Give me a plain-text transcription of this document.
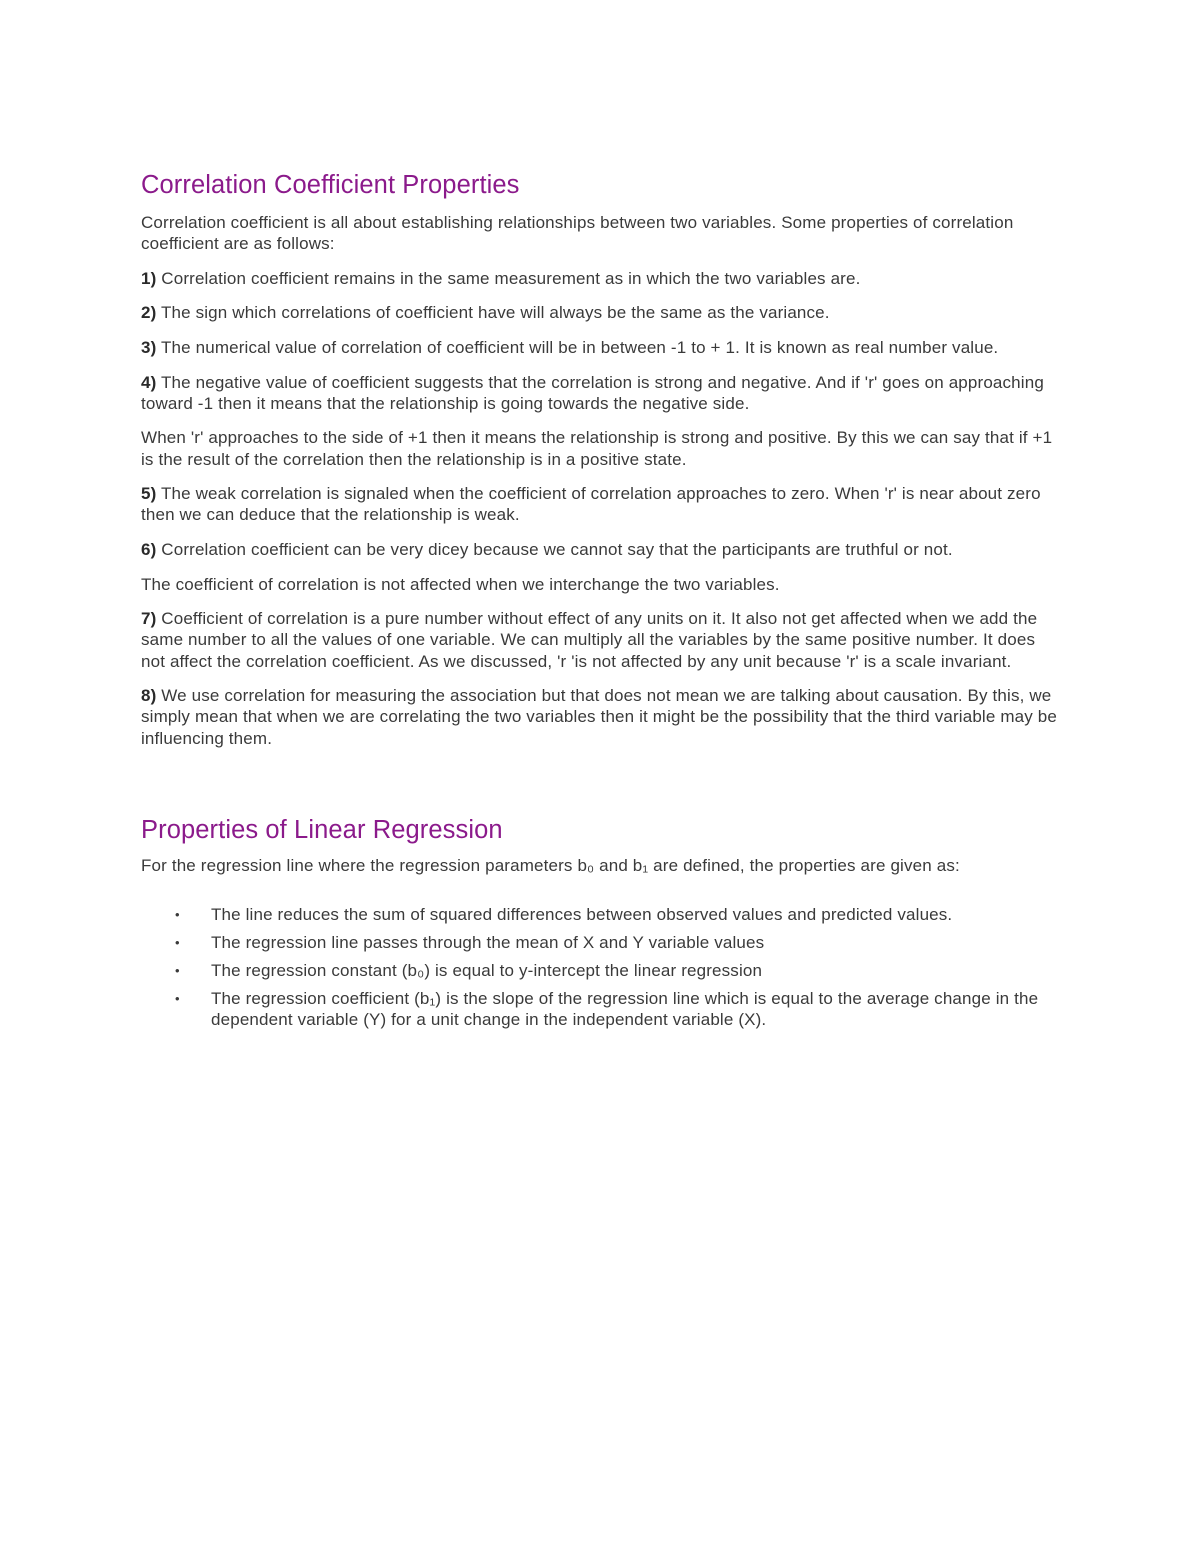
Correlation Coefficient Properties

Correlation coefficient is all about establishing relationships between two variables. Some properties of correlation coefficient are as follows:

1) Correlation coefficient remains in the same measurement as in which the two variables are.

2) The sign which correlations of coefficient have will always be the same as the variance.

3) The numerical value of correlation of coefficient will be in between -1 to + 1. It is known as real number value.

4) The negative value of coefficient suggests that the correlation is strong and negative. And if 'r' goes on approaching toward -1 then it means that the relationship is going towards the negative side.

When 'r' approaches to the side of +1 then it means the relationship is strong and positive. By this we can say that if +1 is the result of the correlation then the relationship is in a positive state.

5) The weak correlation is signaled when the coefficient of correlation approaches to zero. When 'r' is near about zero then we can deduce that the relationship is weak.

6) Correlation coefficient can be very dicey because we cannot say that the participants are truthful or not.

The coefficient of correlation is not affected when we interchange the two variables.

7) Coefficient of correlation is a pure number without effect of any units on it. It also not get affected when we add the same number to all the values of one variable. We can multiply all the variables by the same positive number. It does not affect the correlation coefficient. As we discussed, 'r 'is not affected by any unit because 'r' is a scale invariant.

8) We use correlation for measuring the association but that does not mean we are talking about causation. By this, we simply mean that when we are correlating the two variables then it might be the possibility that the third variable may be influencing them.

Properties of Linear Regression

For the regression line where the regression parameters b₀ and b₁ are defined, the properties are given as:

• The line reduces the sum of squared differences between observed values and predicted values.
• The regression line passes through the mean of X and Y variable values
• The regression constant (b₀) is equal to y-intercept the linear regression
• The regression coefficient (b₁) is the slope of the regression line which is equal to the average change in the dependent variable (Y) for a unit change in the independent variable (X).
